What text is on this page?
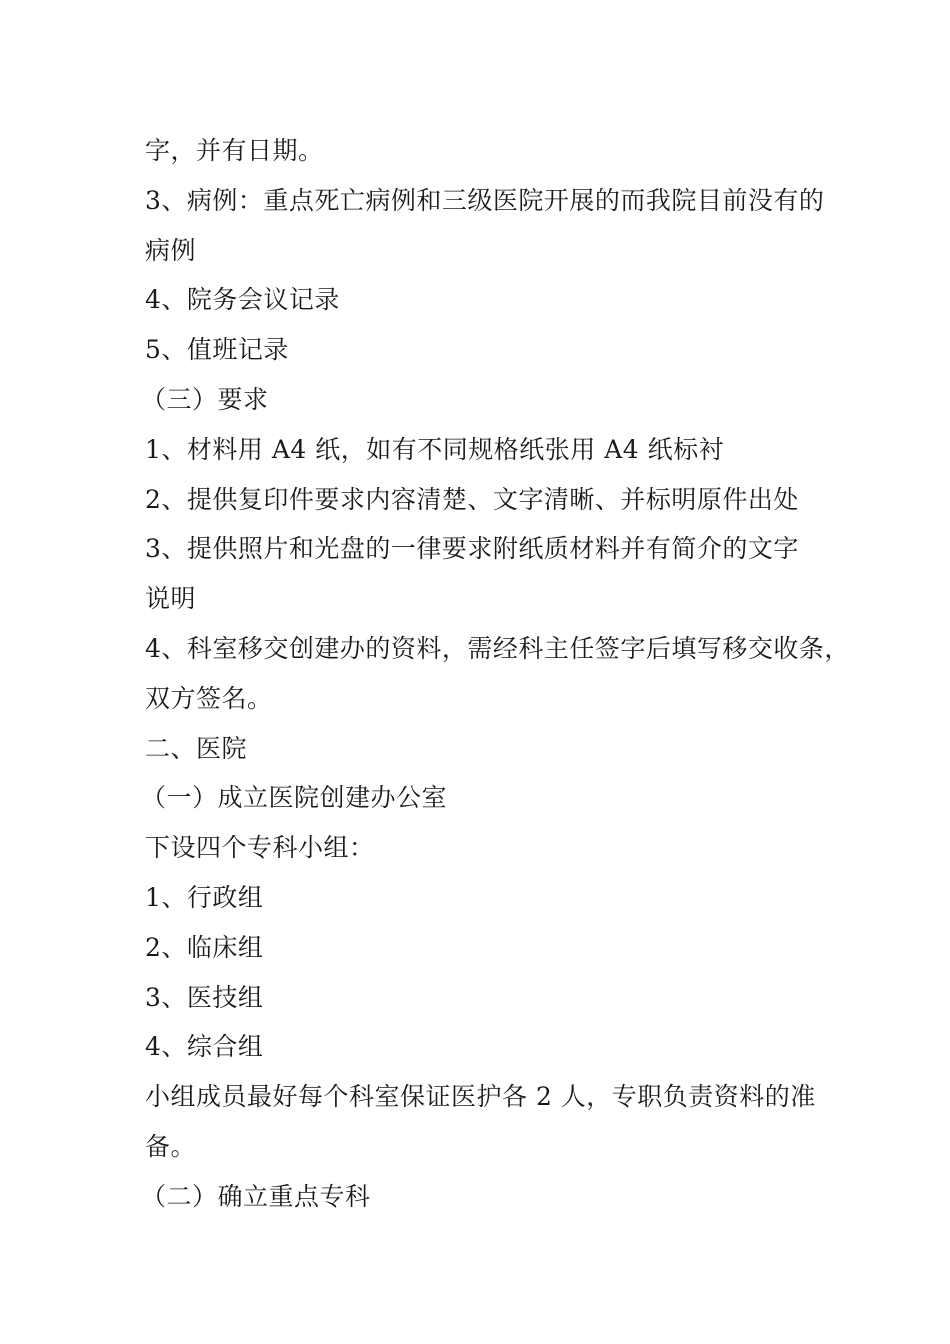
字，并有日期。
3、病例：重点死亡病例和三级医院开展的而我院目前没有的
病例
4、院务会议记录
5、值班记录
（三）要求
1、材料用 A4 纸，如有不同规格纸张用 A4 纸标衬
2、提供复印件要求内容清楚、文字清晰、并标明原件出处
3、提供照片和光盘的一律要求附纸质材料并有简介的文字
说明
4、科室移交创建办的资料，需经科主任签字后填写移交收条，
双方签名。
二、医院
（一）成立医院创建办公室
下设四个专科小组：
1、行政组
2、临床组
3、医技组
4、综合组
小组成员最好每个科室保证医护各 2 人，专职负责资料的准
备。
（二）确立重点专科
